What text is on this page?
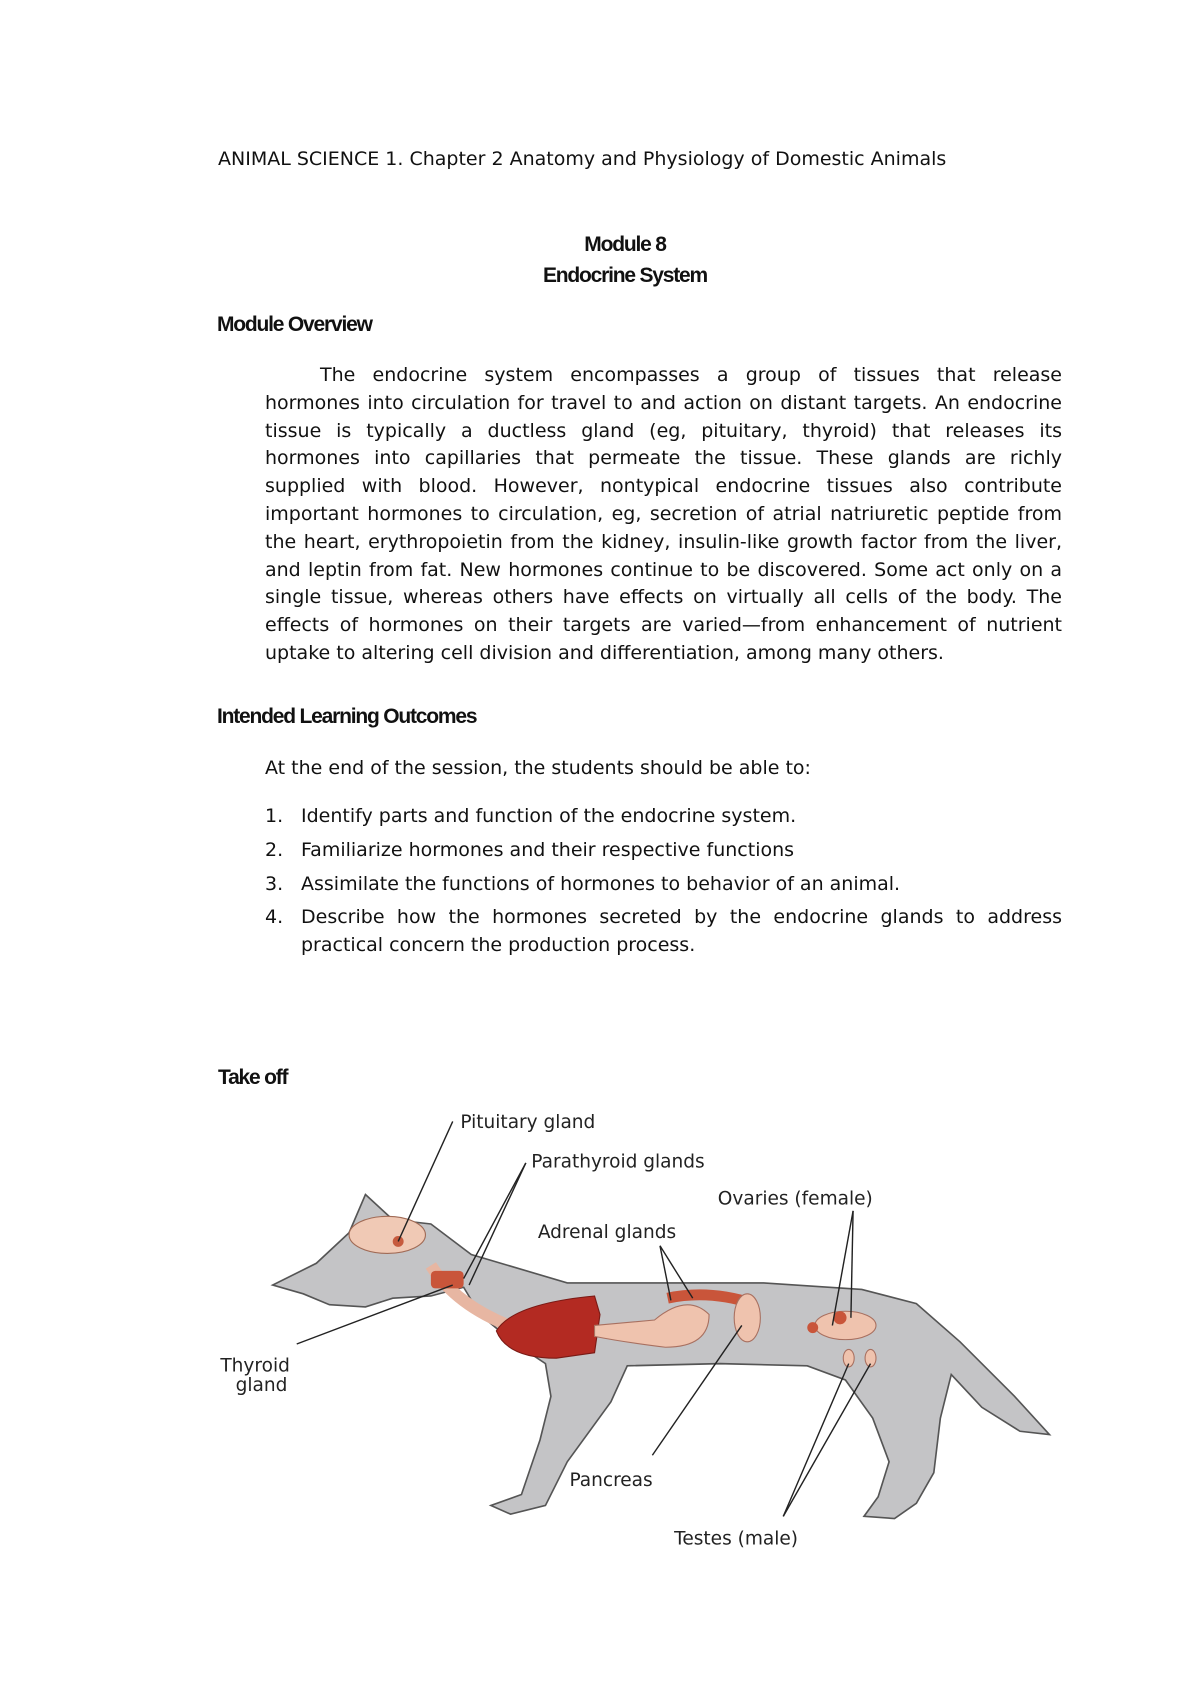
ANIMAL SCIENCE 1. Chapter 2 Anatomy and Physiology of Domestic Animals
Module 8
Endocrine System
Module Overview
The endocrine system encompasses a group of tissues that release hormones into circulation for travel to and action on distant targets. An endocrine tissue is typically a ductless gland (eg, pituitary, thyroid) that releases its hormones into capillaries that permeate the tissue. These glands are richly supplied with blood. However, nontypical endocrine tissues also contribute important hormones to circulation, eg, secretion of atrial natriuretic peptide from the heart, erythropoietin from the kidney, insulin-like growth factor from the liver, and leptin from fat. New hormones continue to be discovered. Some act only on a single tissue, whereas others have effects on virtually all cells of the body. The effects of hormones on their targets are varied—from enhancement of nutrient uptake to altering cell division and differentiation, among many others.
Intended Learning Outcomes
At the end of the session, the students should be able to:
1. Identify parts and function of the endocrine system.
2. Familiarize hormones and their respective functions
3. Assimilate the functions of hormones to behavior of an animal.
4. Describe how the hormones secreted by the endocrine glands to address practical concern the production process.
Take off
Pituitary gland
Parathyroid glands
Ovaries (female)
Adrenal glands
Thyroid
gland
Pancreas
Testes (male)
